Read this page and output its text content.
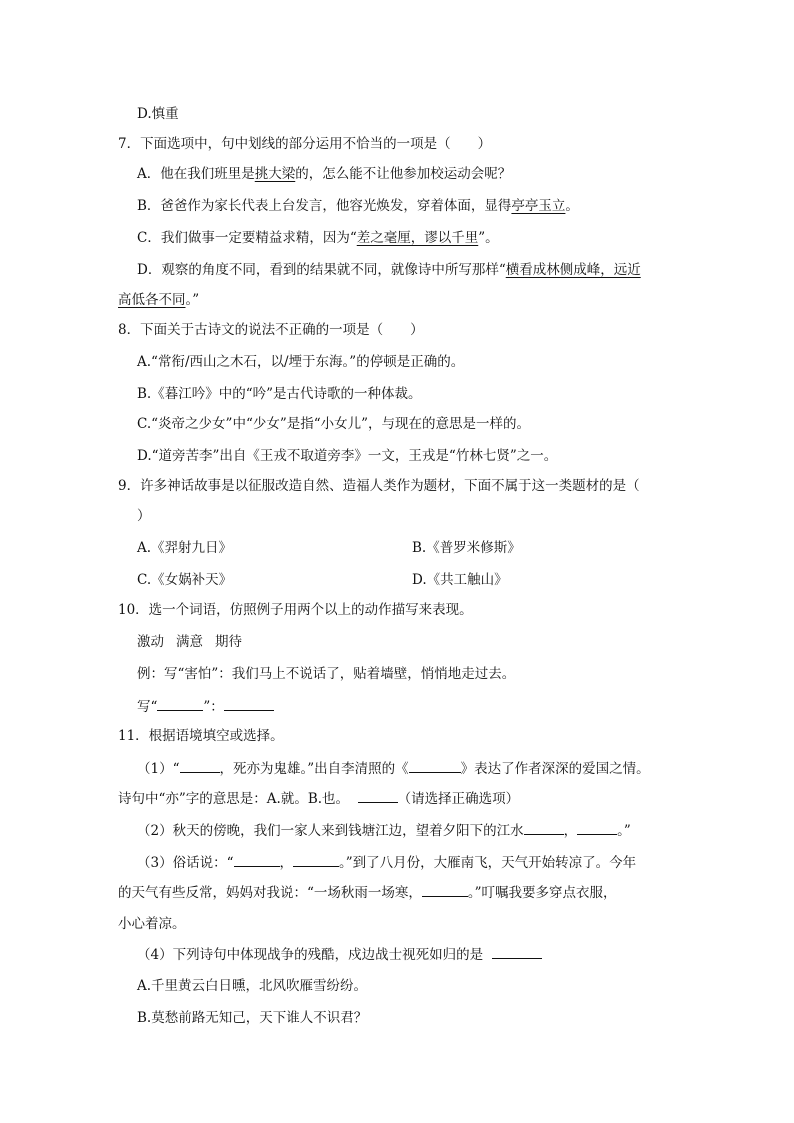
D.慎重
7．下面选项中，句中划线的部分运用不恰当的一项是（　　）
A．他在我们班里是挑大梁的，怎么能不让他参加校运动会呢？
B．爸爸作为家长代表上台发言，他容光焕发，穿着体面，显得亭亭玉立。
C．我们做事一定要精益求精，因为“差之毫厘，谬以千里”。
D．观察的角度不同，看到的结果就不同，就像诗中所写那样“横看成林侧成峰，远近
高低各不同。”
8．下面关于古诗文的说法不正确的一项是（　　）
A.“常衔/西山之木石，以/堙于东海。”的停顿是正确的。
B.《暮江吟》中的“吟”是古代诗歌的一种体裁。
C.“炎帝之少女”中“少女”是指“小女儿”，与现在的意思是一样的。
D.“道旁苦李”出自《王戎不取道旁李》一文，王戎是“竹林七贤”之一。
9．许多神话故事是以征服改造自然、造福人类作为题材，下面不属于这一类题材的是（
）
A.《羿射九日》	B.《普罗米修斯》
C.《女娲补天》	D.《共工触山》
10．选一个词语，仿照例子用两个以上的动作描写来表现。
激动 满意 期待
例：写“害怕”：我们马上不说话了，贴着墙壁，悄悄地走过去。
写“	”：
11．根据语境填空或选择。
（1）“	，死亦为鬼雄。”出自李清照的《	》表达了作者深深的爱国之情。
诗句中“亦”字的意思是：A.就。B.也。	（请选择正确选项）
（2）秋天的傍晚，我们一家人来到钱塘江边，望着夕阳下的江水	，	。”
（3）俗话说：“	，	。”到了八月份，大雁南飞，天气开始转凉了。今年
的天气有些反常，妈妈对我说：“一场秋雨一场寒，	。”叮嘱我要多穿点衣服，
小心着凉。
（4）下列诗句中体现战争的残酷，戍边战士视死如归的是
A.千里黄云白日曛，北风吹雁雪纷纷。
B.莫愁前路无知己，天下谁人不识君？
